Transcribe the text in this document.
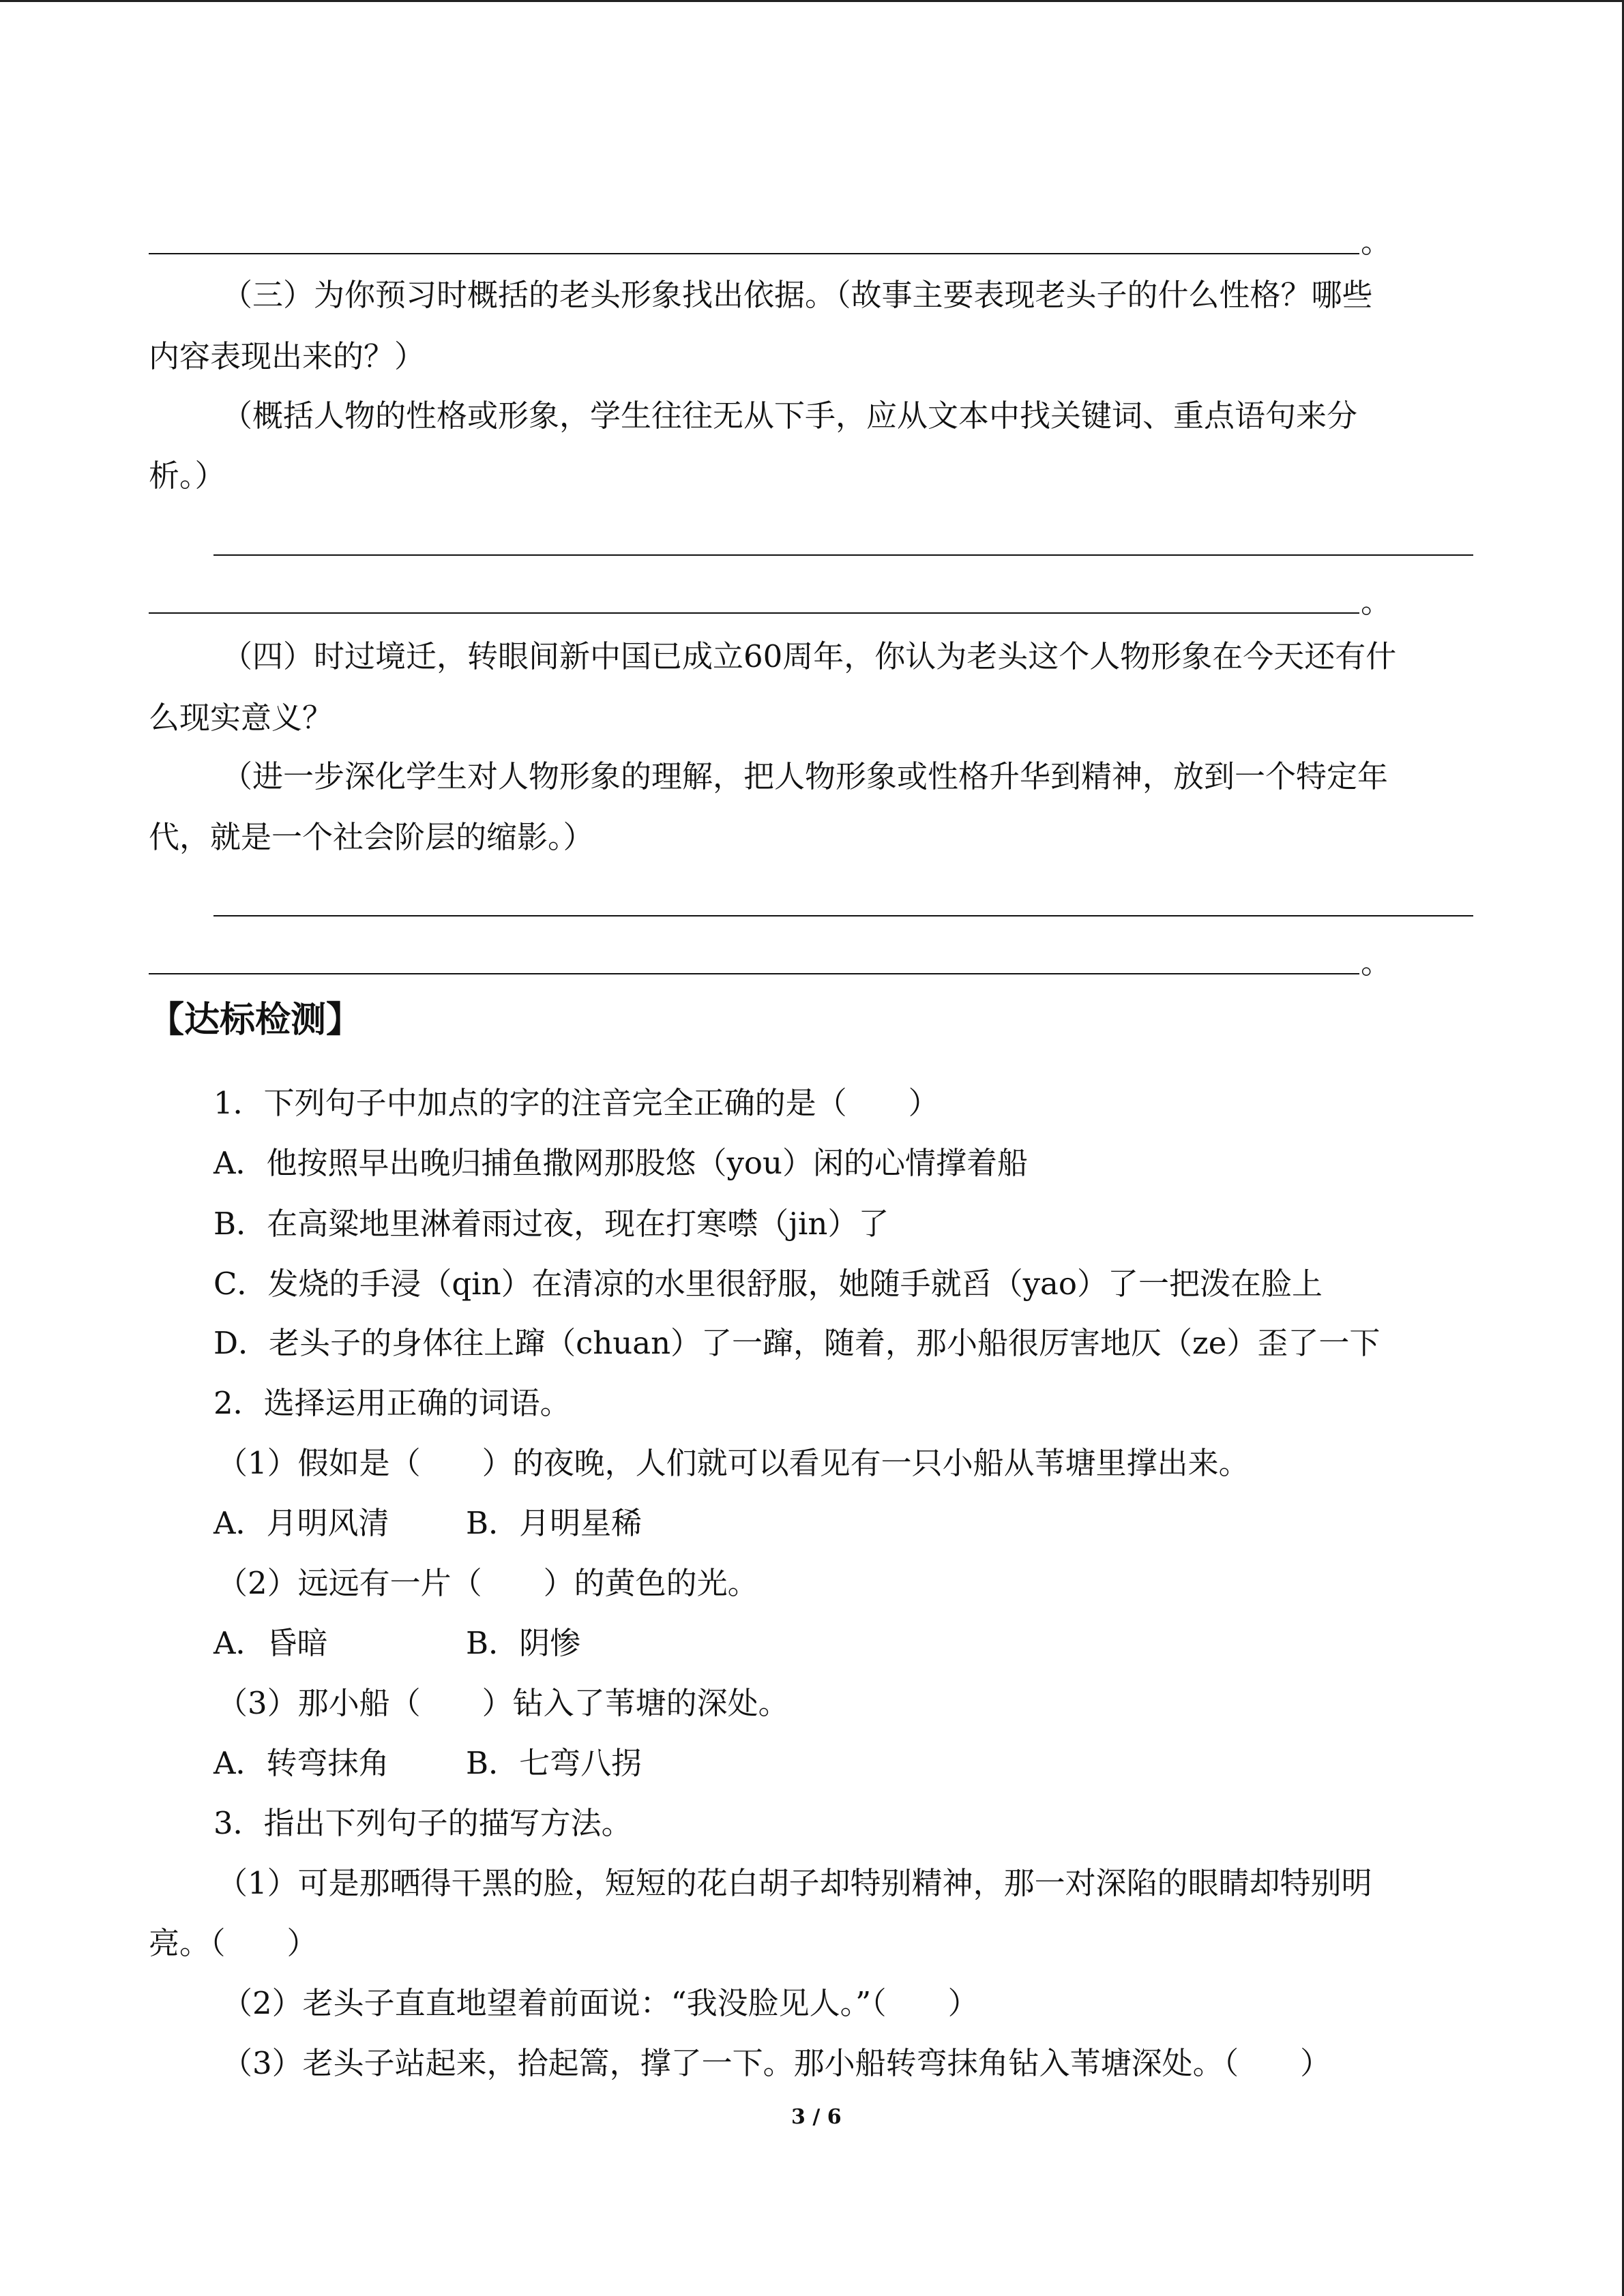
。

（三）为你预习时概括的老头形象找出依据。（故事主要表现老头子的什么性格？哪些

内容表现出来的？）

（概括人物的性格或形象，学生往往无从下手，应从文本中找关键词、重点语句来分

析。）

。

（四）时过境迁，转眼间新中国已成立60周年，你认为老头这个人物形象在今天还有什

么现实意义？

（进一步深化学生对人物形象的理解，把人物形象或性格升华到精神，放到一个特定年

代，就是一个社会阶层的缩影。）

。

【达标检测】

1．下列句子中加点的字的注音完全正确的是（　　）

A．他按照早出晚归捕鱼撒网那股悠（you）闲的心情撑着船

B．在高粱地里淋着雨过夜，现在打寒噤（jin）了

C．发烧的手浸（qin）在清凉的水里很舒服，她随手就舀（yao）了一把泼在脸上

D．老头子的身体往上蹿（chuan）了一蹿，随着，那小船很厉害地仄（ze）歪了一下

2．选择运用正确的词语。

（1）假如是（　　）的夜晚，人们就可以看见有一只小船从苇塘里撑出来。

A．月明风清	B．月明星稀

（2）远远有一片（　　）的黄色的光。

A．昏暗	B．阴惨

（3）那小船（　　）钻入了苇塘的深处。

A．转弯抹角	B．七弯八拐

3．指出下列句子的描写方法。

（1）可是那晒得干黑的脸，短短的花白胡子却特别精神，那一对深陷的眼睛却特别明

亮。（　　）

（2）老头子直直地望着前面说：“我没脸见人。”（　　）

（3）老头子站起来，拾起篙，撑了一下。那小船转弯抹角钻入苇塘深处。（　　）

3 / 6
